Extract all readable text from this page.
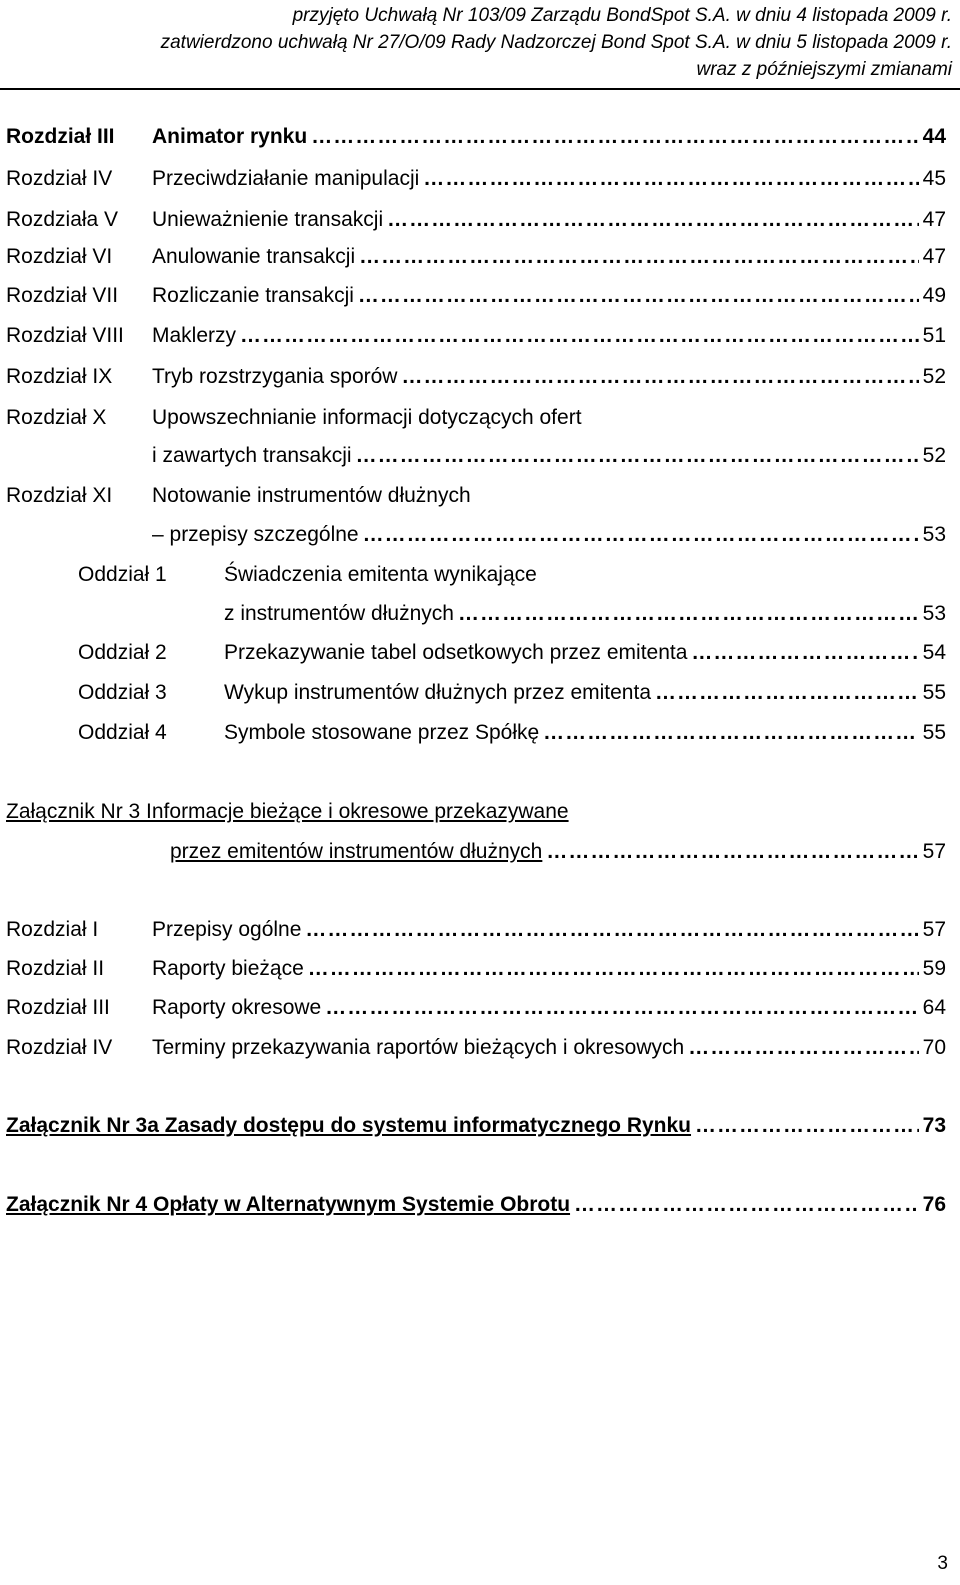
przyjęto Uchwałą Nr 103/09 Zarządu BondSpot S.A. w dniu 4 listopada 2009 r.
zatwierdzono uchwałą Nr 27/O/09 Rady Nadzorczej Bond Spot S.A. w dniu 5 listopada 2009 r.
wraz z późniejszymi zmianami
Rozdział III Animator rynku …………………………………………………………………………………………………………………………………………………………………	44
Rozdział IV Przeciwdziałanie manipulacji …………………………………………………………………………………………………………………………………………………………………	45
Rozdziała V Unieważnienie transakcji …………………………………………………………………………………………………………………………………………………………………	47
Rozdział VI Anulowanie transakcji …………………………………………………………………………………………………………………………………………………………………	47
Rozdział VII Rozliczanie transakcji …………………………………………………………………………………………………………………………………………………………………	49
Rozdział VIII Maklerzy …………………………………………………………………………………………………………………………………………………………………	51
Rozdział IX Tryb rozstrzygania sporów …………………………………………………………………………………………………………………………………………………………………	52
Rozdział X Upowszechnianie informacji dotyczących ofert
i zawartych transakcji …………………………………………………………………………………………………………………………………………………………………	52
Rozdział XI Notowanie instrumentów dłużnych
– przepisy szczególne …………………………………………………………………………………………………………………………………………………………………	53
Oddział 1	Świadczenia emitenta wynikające
z instrumentów dłużnych …………………………………………………………………………………………………………………………………………………………………	53
Oddział 2	Przekazywanie tabel odsetkowych przez emitenta …………………………………………………………………………………………………………………………………………………………………	54
Oddział 3	Wykup instrumentów dłużnych przez emitenta …………………………………………………………………………………………………………………………………………………………………	55
Oddział 4	Symbole stosowane przez Spółkę …………………………………………………………………………………………………………………………………………………………………	55
Załącznik Nr 3 Informacje bieżące i okresowe przekazywane
przez emitentów instrumentów dłużnych …………………………………………………………………………………………………………………………………………………………………	57
Rozdział I	Przepisy ogólne …………………………………………………………………………………………………………………………………………………………………	57
Rozdział II Raporty bieżące …………………………………………………………………………………………………………………………………………………………………	59
Rozdział III Raporty okresowe …………………………………………………………………………………………………………………………………………………………………	64
Rozdział IV Terminy przekazywania raportów bieżących i okresowych …………………………………………………………………………………………………………………………………………………………………	70
Załącznik Nr 3a Zasady dostępu do systemu informatycznego Rynku …………………………………………………………………………………………………………………………………………………………………	73
Załącznik Nr 4 Opłaty w Alternatywnym Systemie Obrotu …………………………………………………………………………………………………………………………………………………………………	76
3
